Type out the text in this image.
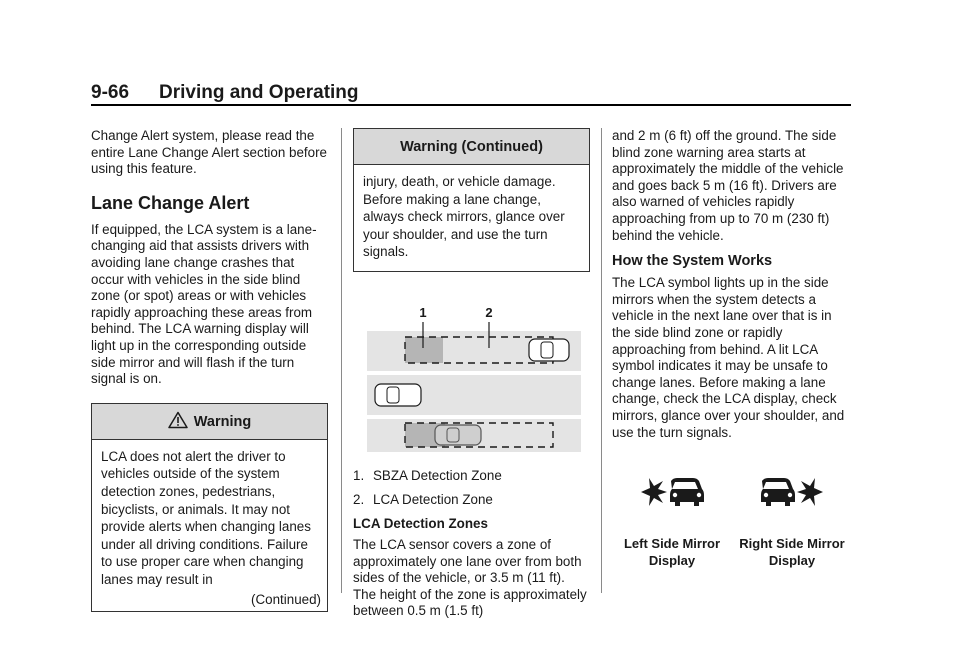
9-66 Driving and Operating

Change Alert system, please read the entire Lane Change Alert section before using this feature.

Lane Change Alert

If equipped, the LCA system is a lane-changing aid that assists drivers with avoiding lane change crashes that occur with vehicles in the side blind zone (or spot) areas or with vehicles rapidly approaching these areas from behind. The LCA warning display will light up in the corresponding outside side mirror and will flash if the turn signal is on.

Warning
LCA does not alert the driver to vehicles outside of the system detection zones, pedestrians, bicyclists, or animals. It may not provide alerts when changing lanes under all driving conditions. Failure to use proper care when changing lanes may result in
(Continued)
Warning (Continued)
injury, death, or vehicle damage. Before making a lane change, always check mirrors, glance over your shoulder, and use the turn signals.
1	2
1. SBZA Detection Zone
2. LCA Detection Zone
LCA Detection Zones

The LCA sensor covers a zone of approximately one lane over from both sides of the vehicle, or 3.5 m (11 ft). The height of the zone is approximately between 0.5 m (1.5 ft)

and 2 m (6 ft) off the ground. The side blind zone warning area starts at approximately the middle of the vehicle and goes back 5 m (16 ft). Drivers are also warned of vehicles rapidly approaching from up to 70 m (230 ft) behind the vehicle.

How the System Works

The LCA symbol lights up in the side mirrors when the system detects a vehicle in the next lane over that is in the side blind zone or rapidly approaching from behind. A lit LCA symbol indicates it may be unsafe to change lanes. Before making a lane change, check the LCA display, check mirrors, glance over your shoulder, and use the turn signals.

Left Side Mirror
Display
Right Side Mirror
Display
